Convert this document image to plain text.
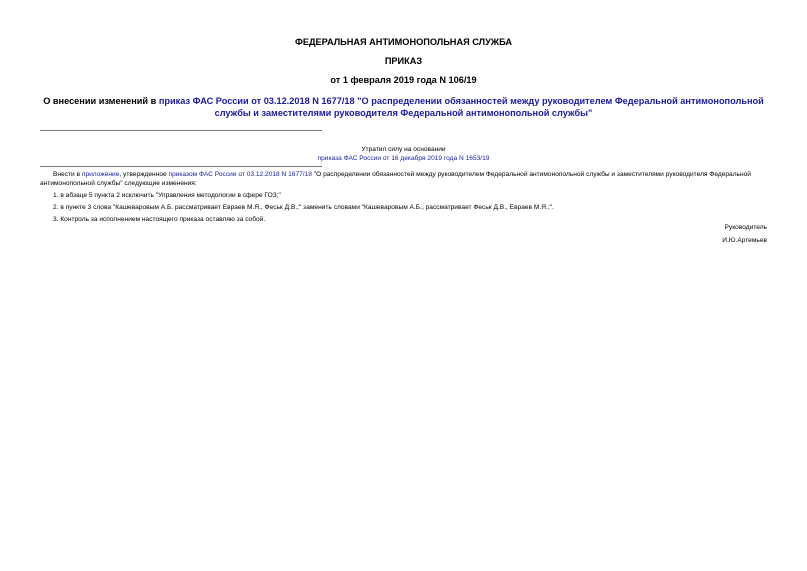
ФЕДЕРАЛЬНАЯ АНТИМОНОПОЛЬНАЯ СЛУЖБА
ПРИКАЗ
от 1 февраля 2019 года N 106/19
О внесении изменений в приказ ФАС России от 03.12.2018 N 1677/18 "О распределении обязанностей между руководителем Федеральной антимонопольной службы и заместителями руководителя Федеральной антимонопольной службы"
Утратил силу на основании
приказа ФАС России от 16 декабря 2019 года N 1653/19

Внести в приложение, утвержденное приказом ФАС России от 03.12.2018 N 1677/18 "О распределении обязанностей между руководителем Федеральной антимонопольной службы и заместителями руководителя Федеральной антимонопольной службы" следующие изменения:

1. в абзаце 5 пункта 2 исключить "Управления методологии в сфере ГОЗ;"

2. в пункте 3 слова "Кашеваровым А.Б. рассматривает Евраев М.Я., Феськ Д.В.;" заменить словами "Кашеваровым А.Б., рассматривает Феськ Д.В., Евраев М.Я.;".

3. Контроль за исполнением настоящего приказа оставляю за собой.

Руководитель
И.Ю.Артемьев
